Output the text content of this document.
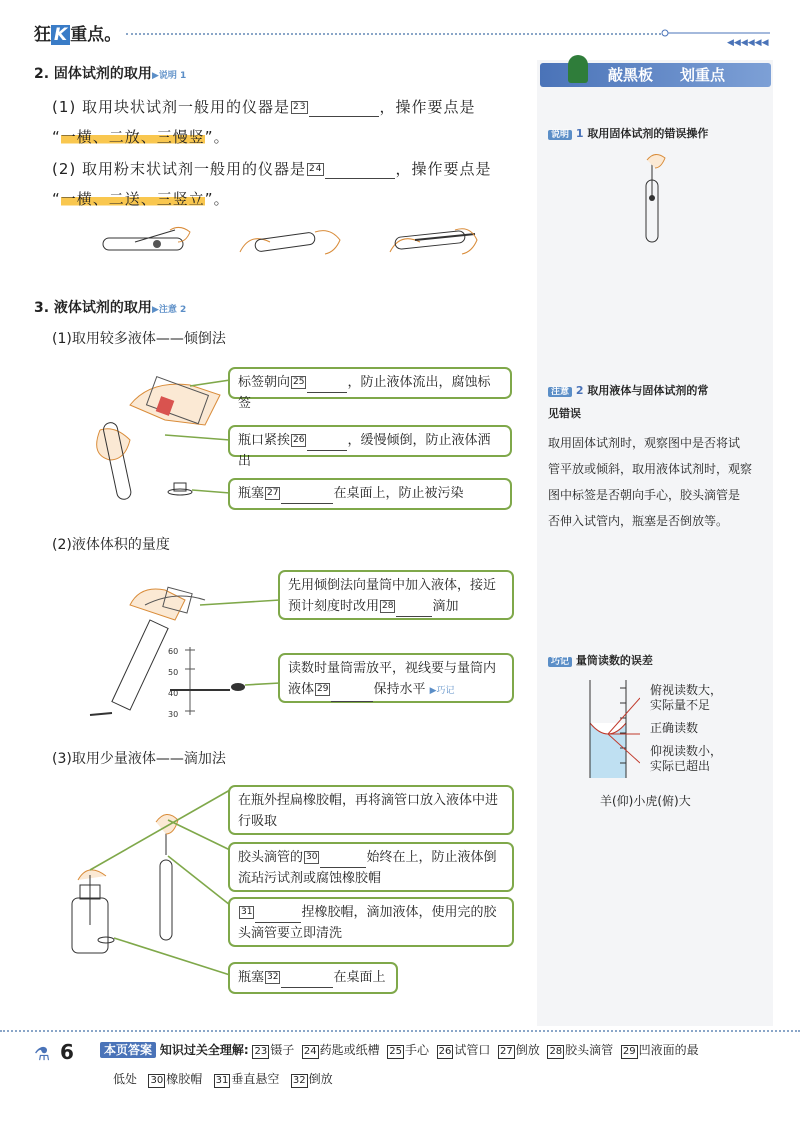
狂 K 重点。	◀◀◀◀◀◀
2. 固体试剂的取用▶说明 1
(1) 取用块状试剂一般用的仪器是 23	，操作要点是
“一横、二放、三慢竖”。
(2) 取用粉末状试剂一般用的仪器是 24	，操作要点是
“一横、二送、三竖立”。
3. 液体试剂的取用▶注意 2
(1)取用较多液体——倾倒法
标签朝向 25	，防止液体流出，腐蚀标签
瓶口紧挨 26	，缓慢倾倒，防止液体洒出
瓶塞 27	在桌面上，防止被污染
(2)液体体积的量度
60
50
40
30
先用倾倒法向量筒中加入液体，接近
预计刻度时改用 28	滴加
读数时量筒需放平，视线要与量筒内
液体 29	保持水平 ▶巧记
(3)取用少量液体——滴加法
在瓶外捏扁橡胶帽，再将滴管口放入液体中进
行吸取
胶头滴管的 30	始终在上，防止液体倒
流玷污试剂或腐蚀橡胶帽
31	捏橡胶帽，滴加液体，使用完的胶
头滴管要立即清洗
瓶塞 32	在桌面上
敲黑板 划重点
说明 1 取用固体试剂的错误操作
注意 2 取用液体与固体试剂的常
见错误
取用固体试剂时，观察图中是否将试
管平放或倾斜，取用液体试剂时，观察
图中标签是否朝向手心，胶头滴管是
否伸入试管内，瓶塞是否倒放等。
巧记 量筒读数的误差
俯视读数大，
实际量不足
正确读数
仰视读数小，
实际已超出
羊(仰)小虎(俯)大
⚗ 6	本页答案 知识过关全理解: 23 镊子 24 药匙或纸槽 25 手心 26 试管口 27 倒放 28 胶头滴管 29 凹液面的最
低处 30 橡胶帽 31 垂直悬空 32 倒放
